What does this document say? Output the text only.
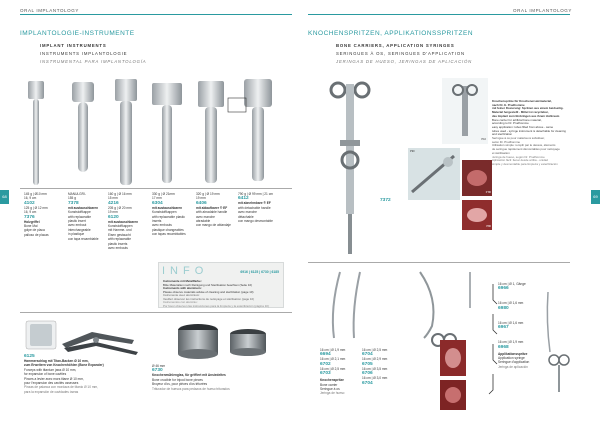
ORAL IMPLANTOLOGY	ORAL IMPLANTOLOGY
68	69
IMPLANTOLOGIE-INSTRUMENTE
IMPLANT INSTRUMENTS
INSTRUMENTS IMPLANTOLOGIE
INSTRUMENTAL PARA IMPLANTOLOGÍA
145 g | Ø10 mm
16, 9 cm
4102
125 g | Ø 12 mm
16, 9 cm
7376
Holzgriffel
Bone Mal
golpe de placa
palloso de placas
MANULGRI-
155 g
7378
mit austauschbaren
Kunststoffkappe
with replaceable
plastic insert
avec embout
interchangeable
in plastique
con tapa recambiable
160 g | Ø 16 mm
15 mm
4216
205 g | Ø 20 mm
19 mm
6120
mit austauschbaren
Kunststoffkappen
mit Hamme- und
Eisen gestaucht
with replaceable
plastic inserts
avec embouts
330 g | Ø 21mm
17 mm
6304
mit austauschbaren
Kunststoffkappen
with replaceable plastic
inserts
avec embouts
plastique changeables
con tapas recambiables
320 g | Ø 19 mm
19 mm
6406
mit ablaufbarer ® EF
with abradable handle
avec manche
abradable
con mango de ablandaje
790 g | Ø 99 mm | 21 cm
6412
mit abnehmbare ® EF
with detachable handle
avec manche
détachable
con mango desmontable
INFO	6916 | 6125 | 6730 | 6185
Instrumente mit Metallfarbe:
Bitte Materialien nach Reinigung und Sterilisation beachten (Seite 10)
Instruments with aluminum:
Please observe materials advise of cleaning and sterilization (page 10)
Instrumente avec aluminium:
Veuillez observer les instructions de nettoyage et stérilisation (page 10)
Instrumentos con aluminio:
Por favor observen las instrucciones para la limpieza y la esterilización (página 10)
6125
Hammerschlag mit Titan-Backen Ø 10 mm,
zum Erweitern von Knochenhöhlen (Bone Expander)
Forceps with titanium jaws Ø 10 mm,
for expansion of bone cavities
Pinces a levier avec mors titane Ø 10 mm,
pour l'expansion des cavités osseuses
Pinzas de palanca con mordaza de titanio Ø 10 mm,
para la expansión de cavidades óseas
Ø 46 mm
6730
Knochenmühlenglas, für griffiert mit Ansiedeltes
Bone crucible for tripod bone pieces
Broyeur d'os, pour pièces d'os triturées
Triturador de huesos para pedazos de hueso triturados
KNOCHENSPRITZEN, APPLIKATIONSSPRITZEN
BONE CARRIERS, APPLICATION SYRINGES
SERINGUES À OS, SERINGUES D'APPLICATION
JERINGAS DE HUESO, JERINGAS DE APLICACIÓN
7372
P10
P90
P 80
P80
Knochenspritze für Knochenersatzmaterial,
nach Dr. E. Prudhomme
mit feiner Dosierung: Spritzen aus einem beidseitig-
Material hergestellt - Mittel ist recyclebar,
das Implant zum Einbringen aus ihrem Hohlraum
Bone carrier for artificial bone material,
according to Dr. Prudhomme
easy application: tubes filled from above - same
tubes used - syringe instrument is detachable for cleaning
and sterilization
Seringue à os pour matériau à substituer,
selon Dr. Prudhomme
Utilisation simple: remplir par le dessus, éléments
de seringue rapidement démontables pour nettoyage
et stérilisation
Jeringa de hueso, según Dr. Prudhomme
Aplicación fácil: llenar desde arriba - unidad
simple y desmontable para limpieza y esterilización
16 cm | Ø 1,9 mm
6694
16 cm | Ø 2,1 mm
6702
16 cm | Ø 2,5 mm
6703
Knochenspritze
Bone carrier
Seringue à os
Jeringa de hueso
16 cm | Ø 2,5 mm
6704
16 cm | Ø 2,9 mm
6705
16 cm | Ø 3,5 mm
6706
16 cm | Ø 3,0 mm
6704
16 cm | Ø 1, Gänge
6966
16 cm | Ø 1,6 mm
6980
16 cm | Ø 1,6 mm
6967
16 cm | Ø 1,9 mm
6968
Applikationsspritze
Application syringe
Seringue d'application
Jeringa de aplicación
